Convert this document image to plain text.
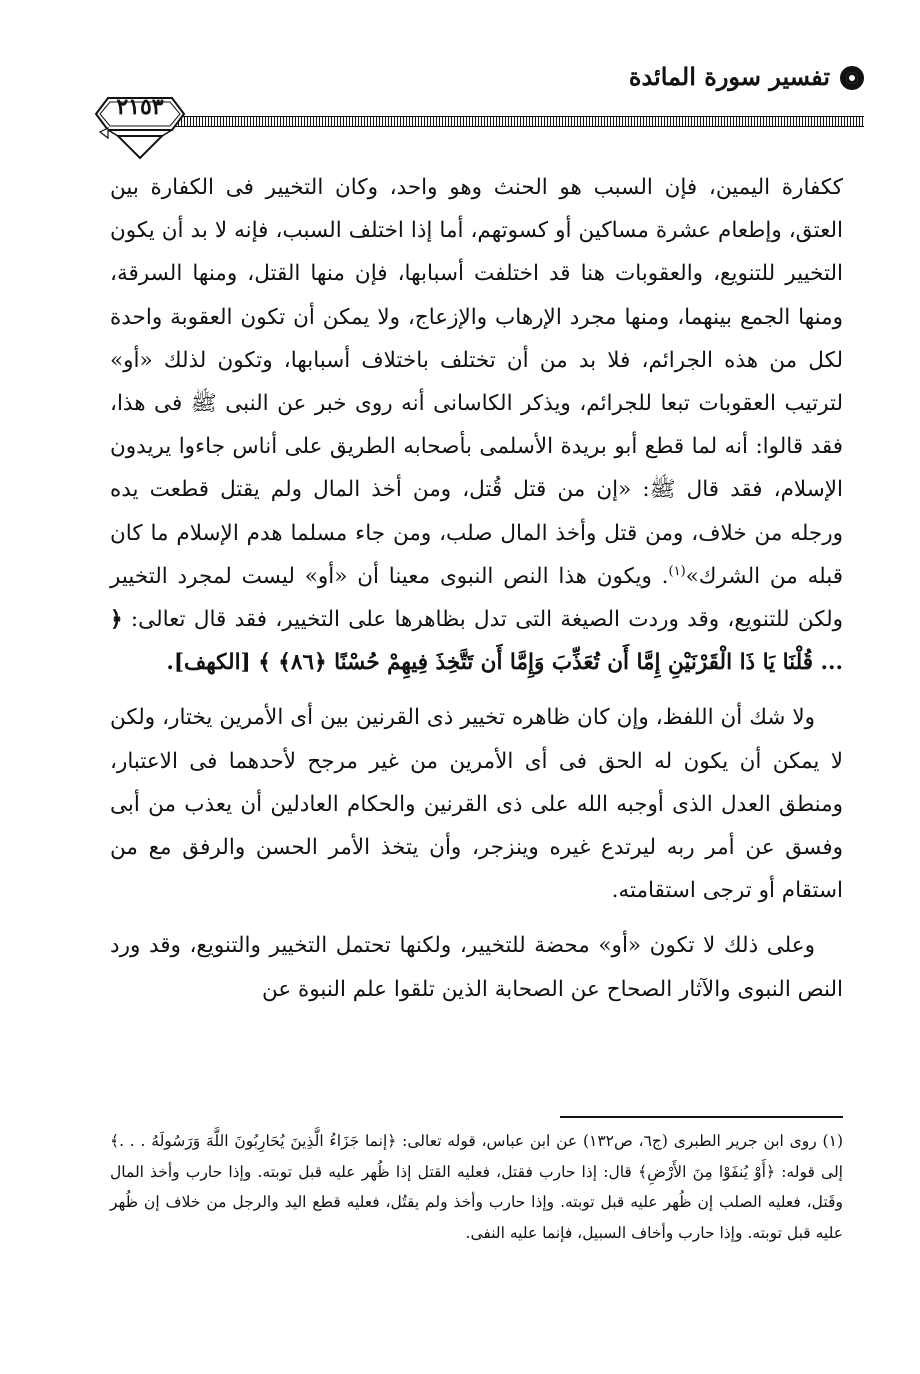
تفسير سورة المائدة
٢١٥٣

ككفارة اليمين، فإن السبب هو الحنث وهو واحد، وكان التخيير فى الكفارة بين العتق، وإطعام عشرة مساكين أو كسوتهم، أما إذا اختلف السبب، فإنه لا بد أن يكون التخيير للتنويع، والعقوبات هنا قد اختلفت أسبابها، فإن منها القتل، ومنها السرقة، ومنها الجمع بينهما، ومنها مجرد الإرهاب والإزعاج، ولا يمكن أن تكون العقوبة واحدة لكل من هذه الجرائم، فلا بد من أن تختلف باختلاف أسبابها، وتكون لذلك «أو» لترتيب العقوبات تبعا للجرائم، ويذكر الكاسانى أنه روى خبر عن النبى ﷺ فى هذا، فقد قالوا: أنه لما قطع أبو بريدة الأسلمى بأصحابه الطريق على أناس جاءوا يريدون الإسلام، فقد قال ﷺ: «إن من قتل قُتل، ومن أخذ المال ولم يقتل قطعت يده ورجله من خلاف، ومن قتل وأخذ المال صلب، ومن جاء مسلما هدم الإسلام ما كان قبله من الشرك»$^{(١)}$. ويكون هذا النص النبوى معينا أن «أو» ليست لمجرد التخيير ولكن للتنويع، وقد وردت الصيغة التى تدل بظاهرها على التخيير، فقد قال تعالى: ﴿ ... قُلْنَا يَا ذَا الْقَرْنَيْنِ إِمَّا أَن تُعَذِّبَ وَإِمَّا أَن تَتَّخِذَ فِيهِمْ حُسْنًا ﴿٨٦﴾ ﴾ [الكهف].

ولا شك أن اللفظ، وإن كان ظاهره تخيير ذى القرنين بين أى الأمرين يختار، ولكن لا يمكن أن يكون له الحق فى أى الأمرين من غير مرجح لأحدهما فى الاعتبار، ومنطق العدل الذى أوجبه الله على ذى القرنين والحكام العادلين أن يعذب من أبى وفسق عن أمر ربه ليرتدع غيره وينزجر، وأن يتخذ الأمر الحسن والرفق مع من استقام أو ترجى استقامته.

وعلى ذلك لا تكون «أو» محضة للتخيير، ولكنها تحتمل التخيير والتنويع، وقد ورد النص النبوى والآثار الصحاح عن الصحابة الذين تلقوا علم النبوة عن

(١) روى ابن جرير الطبرى (ج٦، ص١٣٢) عن ابن عباس، قوله تعالى: ﴿إنما جَزَاءُ الَّذِينَ يُحَارِبُونَ اللَّهَ وَرَسُولَهُ . . .﴾ إلى قوله: ﴿أَوْ يُنفَوْا مِنَ الأَرْضِ﴾ قال: إذا حارب فقتل، فعليه القتل إذا ظُهر عليه قبل توبته. وإذا حارب وأخذ المال وقَتل، فعليه الصلب إن ظُهر عليه قبل توبته. وإذا حارب وأخذ ولم يقتُل، فعليه قطع اليد والرجل من خلاف إن ظُهر عليه قبل توبته. وإذا حارب وأخاف السبيل، فإنما عليه النفى.
